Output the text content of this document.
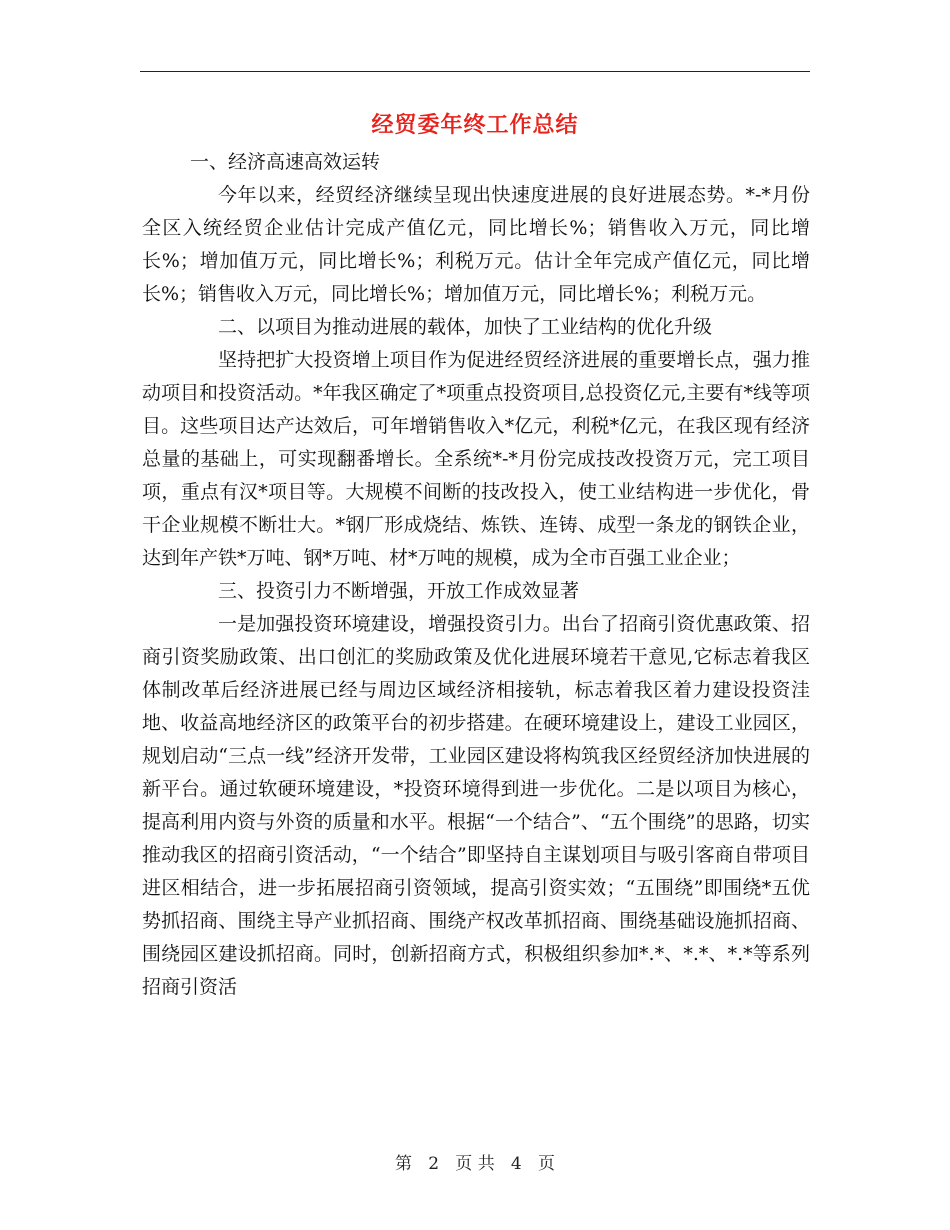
经贸委年终工作总结

一、经济高速高效运转

今年以来，经贸经济继续呈现出快速度进展的良好进展态势。*-*月份全区入统经贸企业估计完成产值亿元，同比增长%；销售收入万元，同比增长%；增加值万元，同比增长%；利税万元。估计全年完成产值亿元，同比增长%；销售收入万元，同比增长%；增加值万元，同比增长%；利税万元。

二、以项目为推动进展的载体，加快了工业结构的优化升级

坚持把扩大投资增上项目作为促进经贸经济进展的重要增长点，强力推动项目和投资活动。*年我区确定了*项重点投资项目,总投资亿元,主要有*线等项目。这些项目达产达效后，可年增销售收入*亿元，利税*亿元，在我区现有经济总量的基础上，可实现翻番增长。全系统*-*月份完成技改投资万元，完工项目项，重点有汉*项目等。大规模不间断的技改投入，使工业结构进一步优化，骨干企业规模不断壮大。*钢厂形成烧结、炼铁、连铸、成型一条龙的钢铁企业，达到年产铁*万吨、钢*万吨、材*万吨的规模，成为全市百强工业企业；

三、投资引力不断增强，开放工作成效显著

一是加强投资环境建设，增强投资引力。出台了招商引资优惠政策、招商引资奖励政策、出口创汇的奖励政策及优化进展环境若干意见,它标志着我区体制改革后经济进展已经与周边区域经济相接轨，标志着我区着力建设投资洼地、收益高地经济区的政策平台的初步搭建。在硬环境建设上，建设工业园区，规划启动“三点一线”经济开发带，工业园区建设将构筑我区经贸经济加快进展的新平台。通过软硬环境建设，*投资环境得到进一步优化。二是以项目为核心，提高利用内资与外资的质量和水平。根据“一个结合”、“五个围绕”的思路，切实推动我区的招商引资活动，“一个结合”即坚持自主谋划项目与吸引客商自带项目进区相结合，进一步拓展招商引资领域，提高引资实效；“五围绕”即围绕*五优势抓招商、围绕主导产业抓招商、围绕产权改革抓招商、围绕基础设施抓招商、围绕园区建设抓招商。同时，创新招商方式，积极组织参加*.*、*.*、*.*等系列招商引资活

第 2 页 共 4 页
